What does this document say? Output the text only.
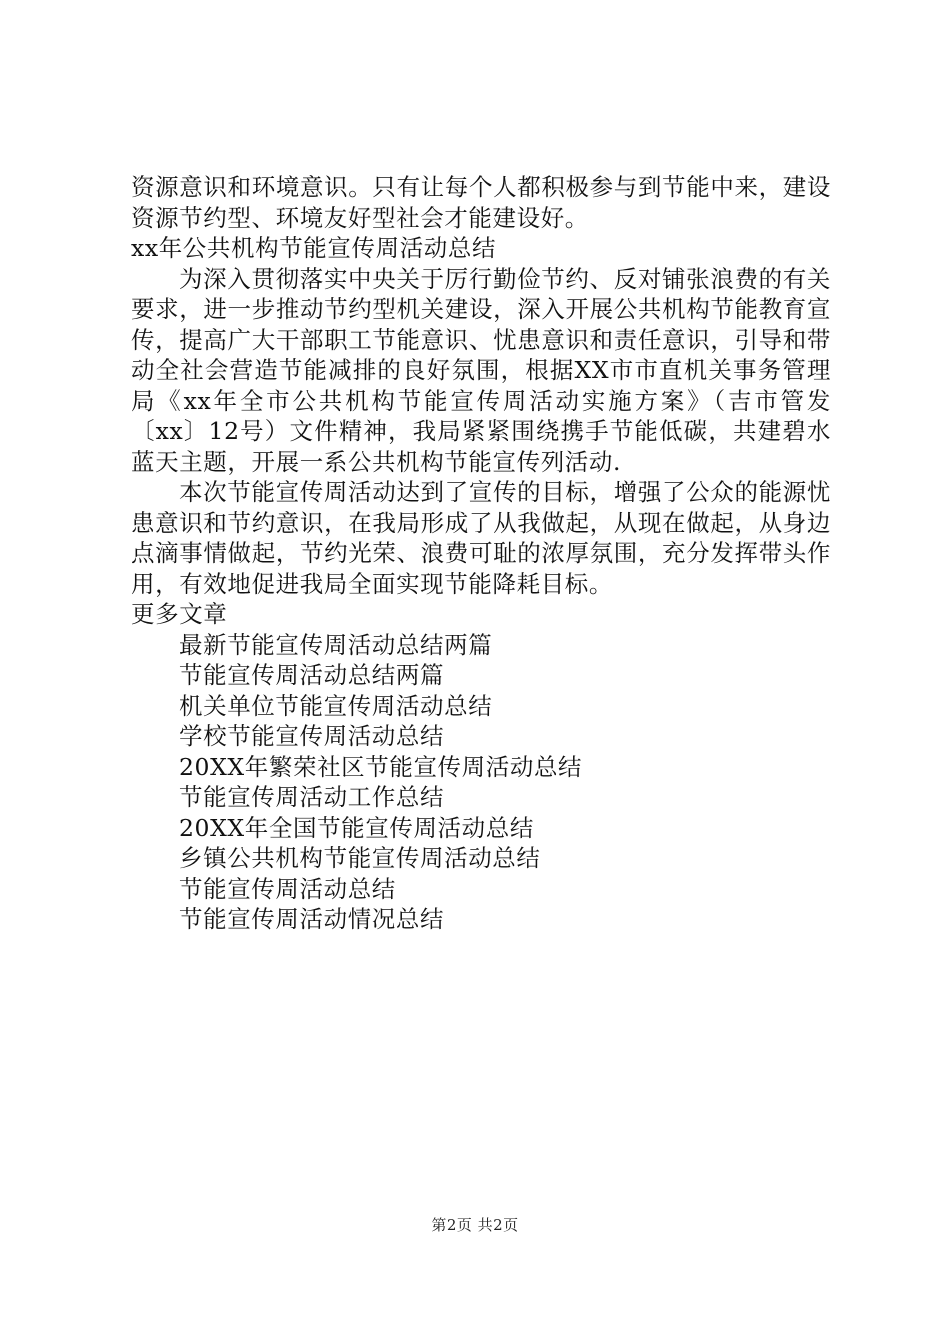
资源意识和环境意识。只有让每个人都积极参与到节能中来，建设资源节约型、环境友好型社会才能建设好。

xx年公共机构节能宣传周活动总结

为深入贯彻落实中央关于厉行勤俭节约、反对铺张浪费的有关要求，进一步推动节约型机关建设，深入开展公共机构节能教育宣传，提高广大干部职工节能意识、忧患意识和责任意识，引导和带动全社会营造节能减排的良好氛围，根据XX市市直机关事务管理局《xx年全市公共机构节能宣传周活动实施方案》（吉市管发〔xx〕12号）文件精神，我局紧紧围绕携手节能低碳，共建碧水蓝天主题，开展一系公共机构节能宣传列活动.

本次节能宣传周活动达到了宣传的目标，增强了公众的能源忧患意识和节约意识，在我局形成了从我做起，从现在做起，从身边点滴事情做起，节约光荣、浪费可耻的浓厚氛围，充分发挥带头作用，有效地促进我局全面实现节能降耗目标。

更多文章

最新节能宣传周活动总结两篇
节能宣传周活动总结两篇
机关单位节能宣传周活动总结
学校节能宣传周活动总结
20XX年繁荣社区节能宣传周活动总结
节能宣传周活动工作总结
20XX年全国节能宣传周活动总结
乡镇公共机构节能宣传周活动总结
节能宣传周活动总结
节能宣传周活动情况总结
第2页 共2页
